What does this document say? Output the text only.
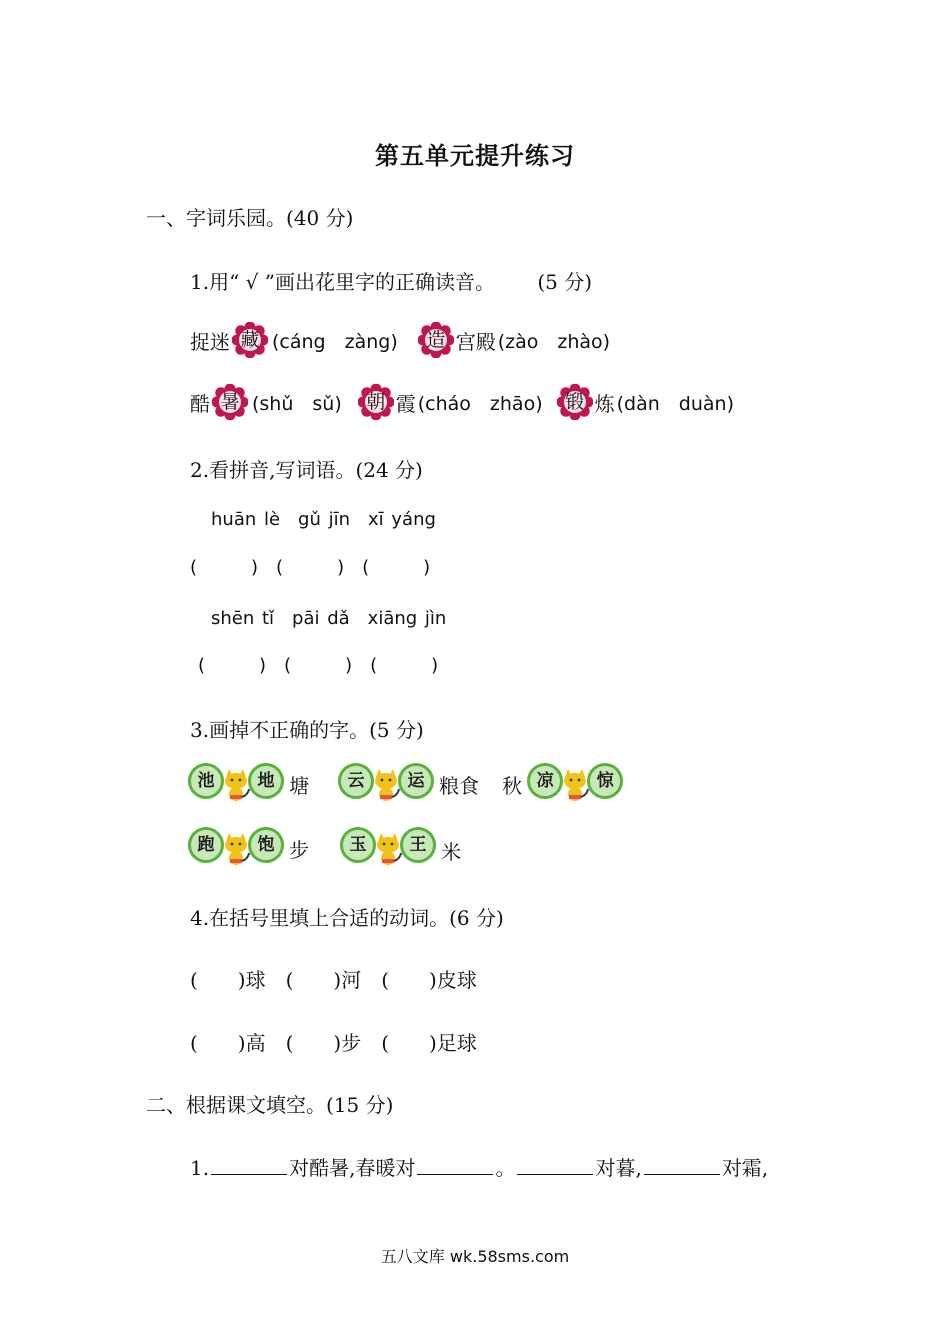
第五单元提升练习
一、字词乐园。(40 分)
1.用“ √ ”画出花里字的正确读音。 (5 分)
捉迷 藏 (cáng　zàng)	造 宫殿 (zào　zhào)
酷 暑 (shǔ　sǔ)	朝 霞 (cháo　zhāo)	锻 炼 (dàn　duàn)
2.看拼音,写词语。(24 分)
huān lè　gǔ jīn　xī yáng
(　　　)　(　　　)　(　　　)
shēn tǐ　pāi dǎ　xiāng jìn
(　　　)　(　　　)　(　　　)
3.画掉不正确的字。(5 分)
池	地 塘	云	运 粮食 秋 凉	惊
跑	饱 步	玉	王 米
4.在括号里填上合适的动词。(6 分)
(　　)球　(　　)河　(　　)皮球
(　　)高　(　　)步　(　　)足球
二、根据课文填空。(15 分)
1.	对酷暑,春暖对	。	对暮,	对霜,
五八文库 wk.58sms.com
